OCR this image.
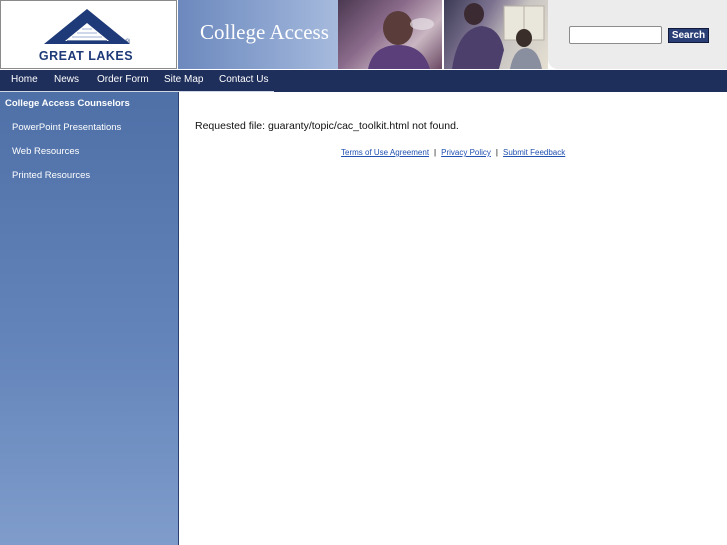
®
GREAT LAKES
College Access	Search
Home News Order Form Site Map Contact Us
College Access Counselors
PowerPoint Presentations
Web Resources
Printed Resources
Requested file: guaranty/topic/cac_toolkit.html not found.
Terms of Use Agreement | Privacy Policy | Submit Feedback
